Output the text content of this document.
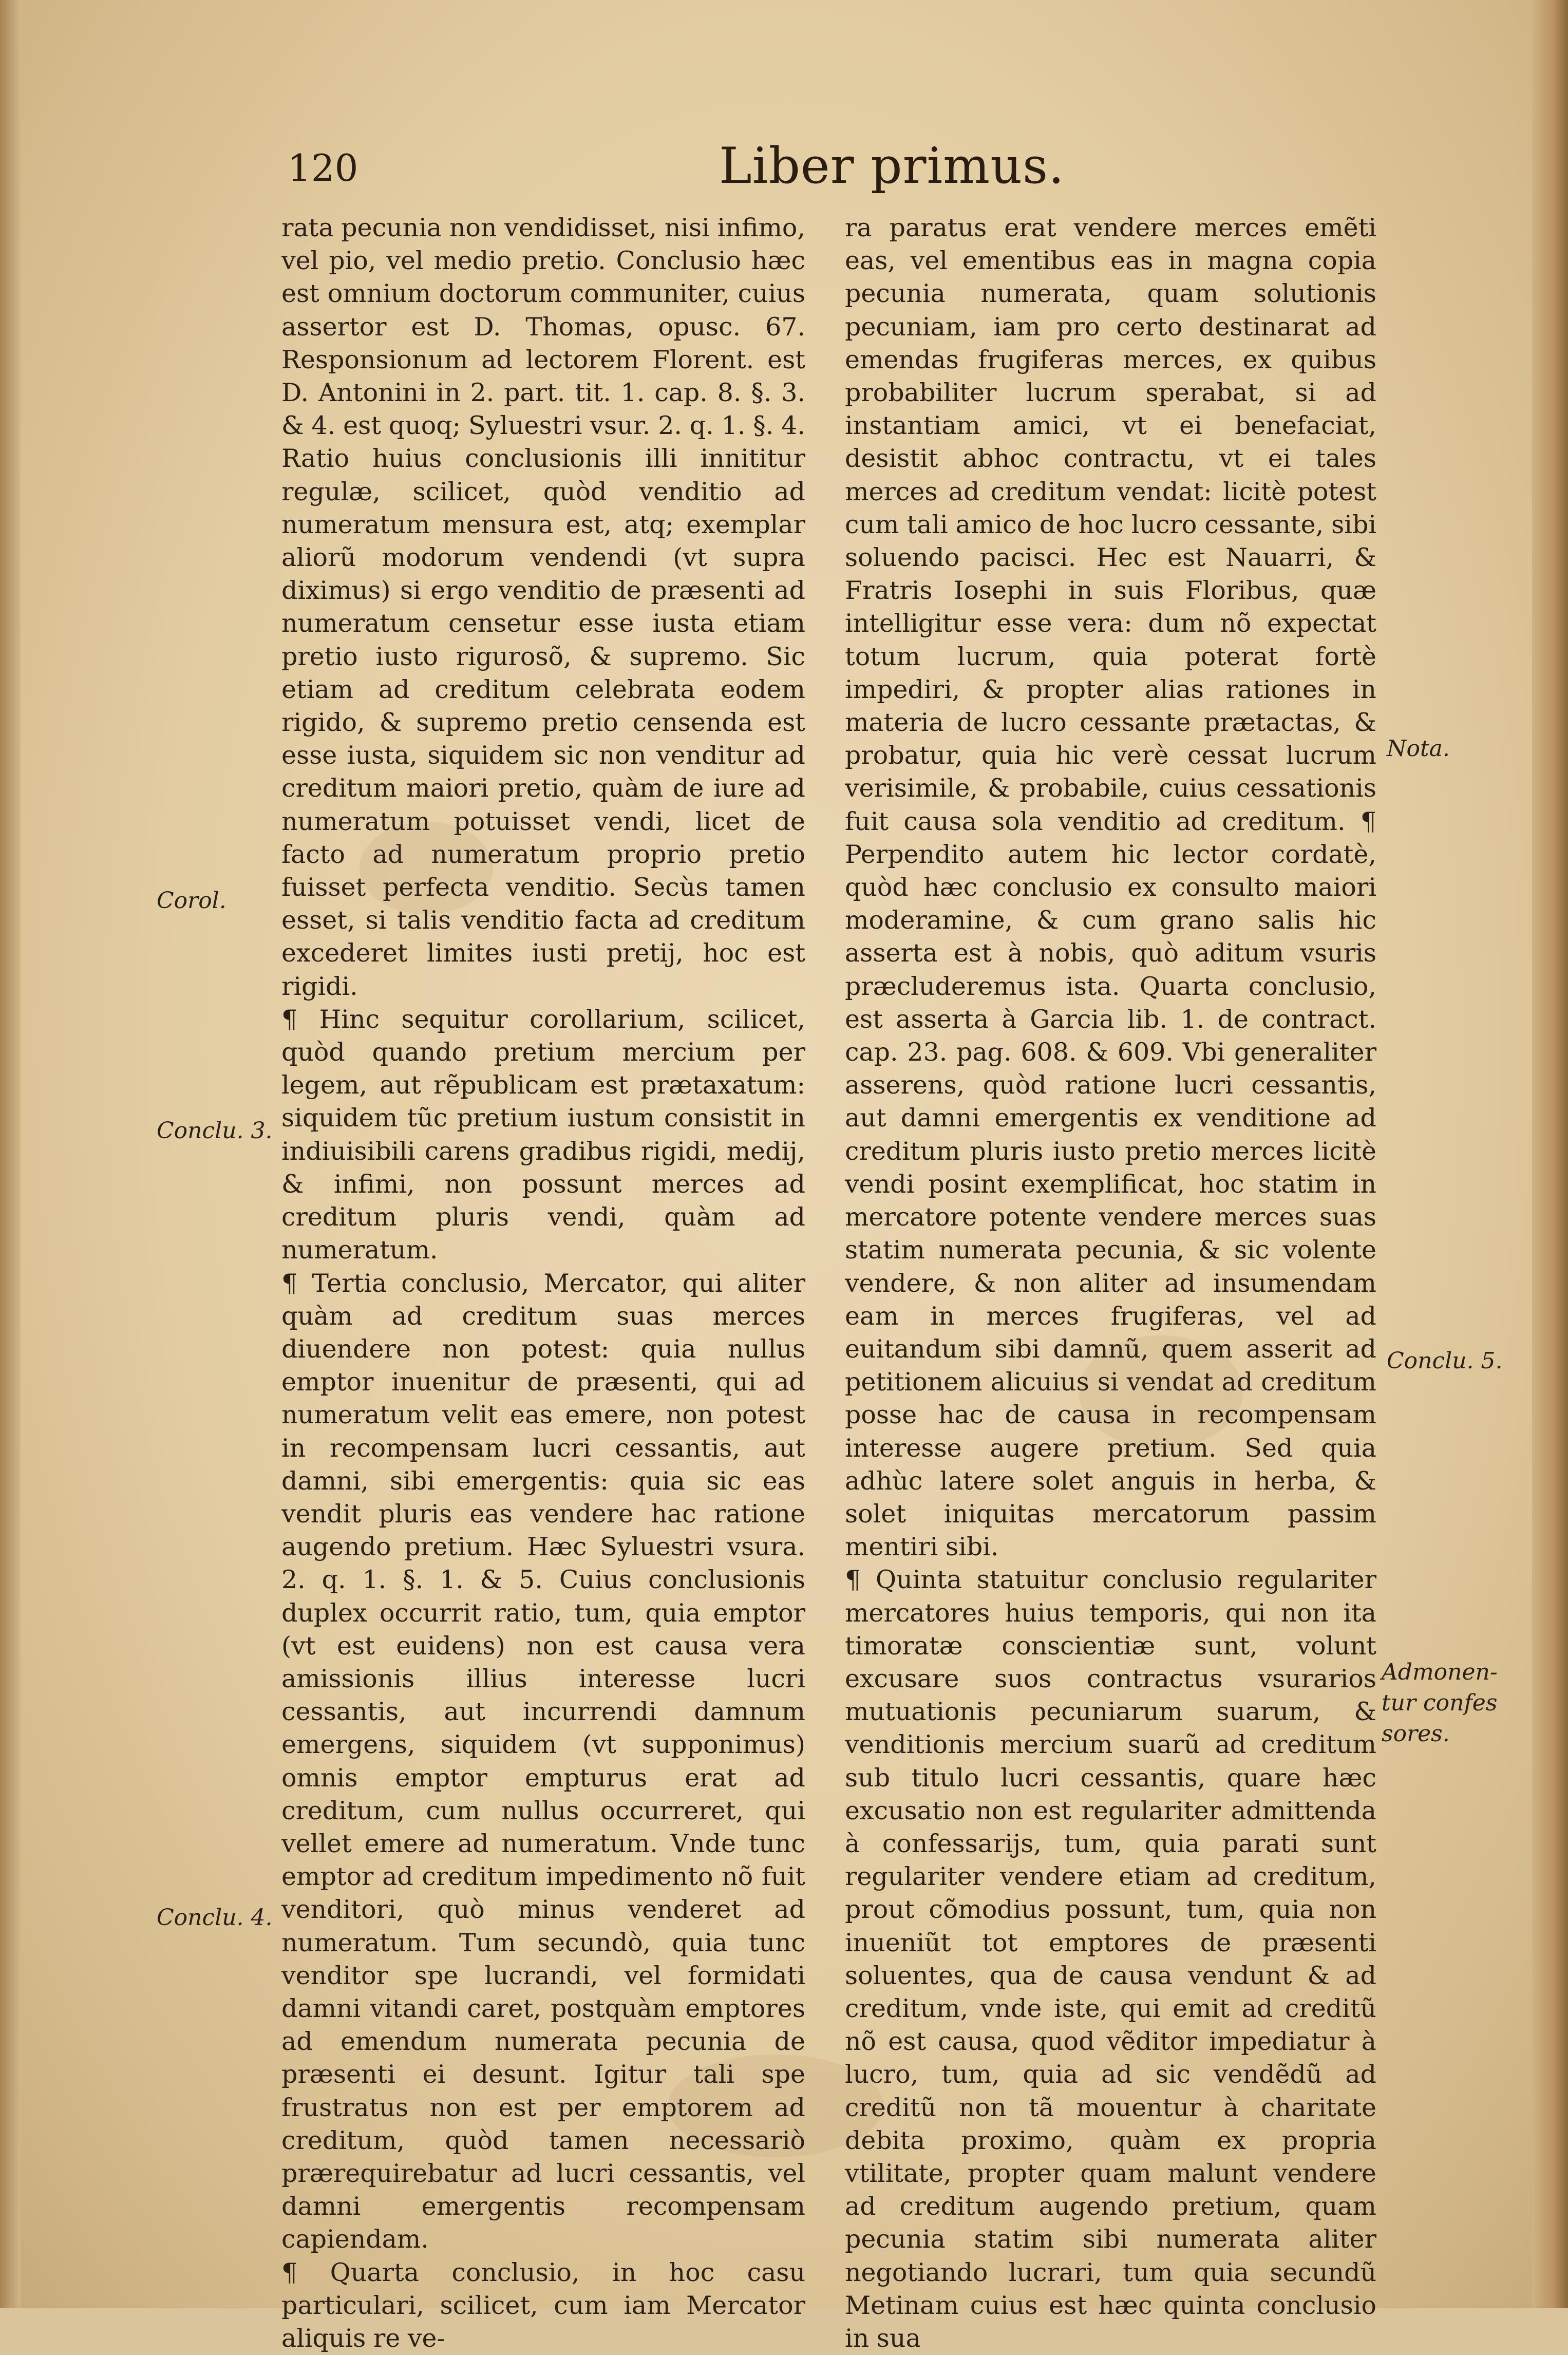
120	Liber primus.

rata pecunia non vendidisset, nisi infimo, vel pio, vel medio pretio. Conclusio hæc est omnium doctorum communiter, cuius assertor est D. Thomas, opusc. 67. Responsionum ad lectorem Florent. est D. Antonini in 2. part. tit. 1. cap. 8. §. 3. & 4. est quoq; Syluestri vsur. 2. q. 1. §. 4. Ratio huius conclusionis illi innititur regulæ, scilicet, quòd venditio ad numeratum mensura est, atq; exemplar aliorũ modorum vendendi (vt supra diximus) si ergo venditio de præsenti ad numeratum censetur esse iusta etiam pretio iusto rigurosõ, & supremo. Sic etiam ad creditum celebrata eodem rigido, & supremo pretio censenda est esse iusta, siquidem sic non venditur ad creditum maiori pretio, quàm de iure ad numeratum potuisset vendi, licet de facto ad numeratum proprio pretio fuisset perfecta venditio. Secùs tamen esset, si talis venditio facta ad creditum excederet limites iusti pretij, hoc est rigidi.

¶ Hinc sequitur corollarium, scilicet, quòd quando pretium mercium per legem, aut rẽpublicam est prætaxatum: siquidem tũc pretium iustum consistit in indiuisibili carens gradibus rigidi, medij, & infimi, non possunt merces ad creditum pluris vendi, quàm ad numeratum.

¶ Tertia conclusio, Mercator, qui aliter quàm ad creditum suas merces diuendere non potest: quia nullus emptor inuenitur de præsenti, qui ad numeratum velit eas emere, non potest in recompensam lucri cessantis, aut damni, sibi emergentis: quia sic eas vendit pluris eas vendere hac ratione augendo pretium. Hæc Syluestri vsura. 2. q. 1. §. 1. & 5. Cuius conclusionis duplex occurrit ratio, tum, quia emptor (vt est euidens) non est causa vera amissionis illius interesse lucri cessantis, aut incurrendi damnum emergens, siquidem (vt supponimus) omnis emptor empturus erat ad creditum, cum nullus occurreret, qui vellet emere ad numeratum. Vnde tunc emptor ad creditum impedimento nõ fuit venditori, quò minus venderet ad numeratum. Tum secundò, quia tunc venditor spe lucrandi, vel formidati damni vitandi caret, postquàm emptores ad emendum numerata pecunia de præsenti ei desunt. Igitur tali spe frustratus non est per emptorem ad creditum, quòd tamen necessariò prærequirebatur ad lucri cessantis, vel damni emergentis recompensam capiendam.

¶ Quarta conclusio, in hoc casu particulari, scilicet, cum iam Mercator aliquis re ve-

ra paratus erat vendere merces emẽti eas, vel ementibus eas in magna copia pecunia numerata, quam solutionis pecuniam, iam pro certo destinarat ad emendas frugiferas merces, ex quibus probabiliter lucrum sperabat, si ad instantiam amici, vt ei benefaciat, desistit abhoc contractu, vt ei tales merces ad creditum vendat: licitè potest cum tali amico de hoc lucro cessante, sibi soluendo pacisci. Hec est Nauarri, & Fratris Iosephi in suis Floribus, quæ intelligitur esse vera: dum nõ expectat totum lucrum, quia poterat fortè impediri, & propter alias rationes in materia de lucro cessante prætactas, & probatur, quia hic verè cessat lucrum verisimile, & probabile, cuius cessationis fuit causa sola venditio ad creditum. ¶ Perpendito autem hic lector cordatè, quòd hæc conclusio ex consulto maiori moderamine, & cum grano salis hic asserta est à nobis, quò aditum vsuris præcluderemus ista. Quarta conclusio, est asserta à Garcia lib. 1. de contract. cap. 23. pag. 608. & 609. Vbi generaliter asserens, quòd ratione lucri cessantis, aut damni emergentis ex venditione ad creditum pluris iusto pretio merces licitè vendi posint exemplificat, hoc statim in mercatore potente vendere merces suas statim numerata pecunia, & sic volente vendere, & non aliter ad insumendam eam in merces frugiferas, vel ad euitandum sibi damnũ, quem asserit ad petitionem alicuius si vendat ad creditum posse hac de causa in recompensam interesse augere pretium. Sed quia adhùc latere solet anguis in herba, & solet iniquitas mercatorum passim mentiri sibi.

¶ Quinta statuitur conclusio regulariter mercatores huius temporis, qui non ita timoratæ conscientiæ sunt, volunt excusare suos contractus vsurarios mutuationis pecuniarum suarum, & venditionis mercium suarũ ad creditum sub titulo lucri cessantis, quare hæc excusatio non est regulariter admittenda à confessarijs, tum, quia parati sunt regulariter vendere etiam ad creditum, prout cõmodius possunt, tum, quia non inueniũt tot emptores de præsenti soluentes, qua de causa vendunt & ad creditum, vnde iste, qui emit ad creditũ nõ est causa, quod vẽditor impediatur à lucro, tum, quia ad sic vendẽdũ ad creditũ non tã mouentur à charitate debita proximo, quàm ex propria vtilitate, propter quam malunt vendere ad creditum augendo pretium, quam pecunia statim sibi numerata aliter negotiando lucrari, tum quia secundũ Metinam cuius est hæc quinta conclusio in sua

Corol.
Conclu. 3.
Conclu. 4.
Nota.
Conclu. 5.
Admonen-
tur confes
sores.
